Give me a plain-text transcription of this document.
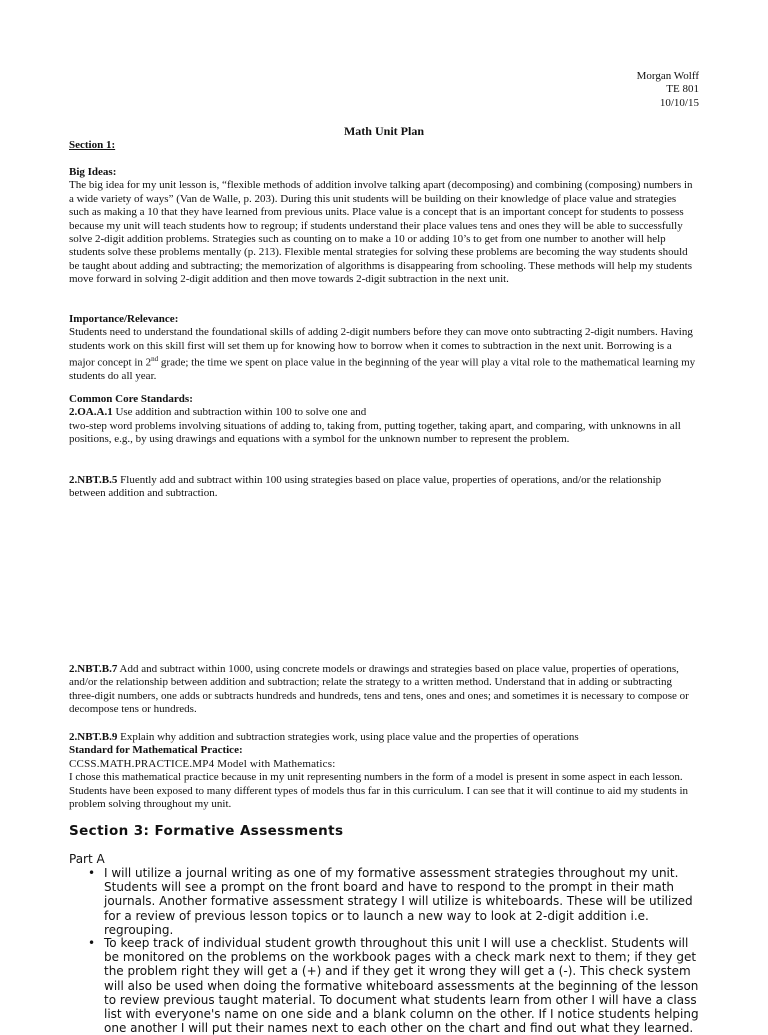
Morgan Wolff
TE 801
10/10/15
Math Unit Plan
Section 1:

Big Ideas:

The big idea for my unit lesson is, “flexible methods of addition involve talking apart (decomposing) and combining (composing) numbers in a wide variety of ways” (Van de Walle, p. 203). During this unit students will be building on their knowledge of place value and strategies such as making a 10 that they have learned from previous units. Place value is a concept that is an important concept for students to possess because my unit will teach students how to regroup; if students understand their place values tens and ones they will be able to successfully solve 2-digit addition problems. Strategies such as counting on to make a 10 or adding 10’s to get from one number to another will help students solve these problems mentally (p. 213). Flexible mental strategies for solving these problems are becoming the way students should be taught about adding and subtracting; the memorization of algorithms is disappearing from schooling. These methods will help my students move forward in solving 2-digit addition and then move towards 2-digit subtraction in the next unit.

Importance/Relevance:

Students need to understand the foundational skills of adding 2-digit numbers before they can move onto subtracting 2-digit numbers. Having students work on this skill first will set them up for knowing how to borrow when it comes to subtraction in the next unit. Borrowing is a major concept in 2nd grade; the time we spent on place value in the beginning of the year will play a vital role to the mathematical learning my students do all year.

Common Core Standards:

2.OA.A.1 Use addition and subtraction within 100 to solve one and

two-step word problems involving situations of adding to, taking from, putting together, taking apart, and comparing, with unknowns in all

positions, e.g., by using drawings and equations with a symbol for the unknown number to represent the problem.

2.NBT.B.5 Fluently add and subtract within 100 using strategies based on place value, properties of operations, and/or the relationship between addition and subtraction.
2.NBT.B.7 Add and subtract within 1000, using concrete models or drawings and strategies based on place value, properties of operations, and/or the relationship between addition and subtraction; relate the strategy to a written method. Understand that in adding or subtracting three-digit numbers, one adds or subtracts hundreds and hundreds, tens and tens, ones and ones; and sometimes it is necessary to compose or decompose tens or hundreds.

2.NBT.B.9 Explain why addition and subtraction strategies work, using place value and the properties of operations

Standard for Mathematical Practice:

CCSS.MATH.PRACTICE.MP4 Model with Mathematics:

I chose this mathematical practice because in my unit representing numbers in the form of a model is present in some aspect in each lesson. Students have been exposed to many different types of models thus far in this curriculum. I can see that it will continue to aid my students in problem solving throughout my unit.

Section 3: Formative Assessments
Part A
• I will utilize a journal writing as one of my formative assessment strategies throughout my unit. Students will see a prompt on the front board and have to respond to the prompt in their math journals. Another formative assessment strategy I will utilize is whiteboards. These will be utilized for a review of previous lesson topics or to launch a new way to look at 2-digit addition i.e. regrouping.
• To keep track of individual student growth throughout this unit I will use a checklist. Students will be monitored on the problems on the workbook pages with a check mark next to them; if they get the problem right they will get a (+) and if they get it wrong they will get a (-). This check system will also be used when doing the formative whiteboard assessments at the beginning of the lesson to review previous taught material. To document what students learn from other I will have a class list with everyone's name on one side and a blank column on the other. If I notice students helping one another I will put their names next to each other on the chart and find out what they learned.
